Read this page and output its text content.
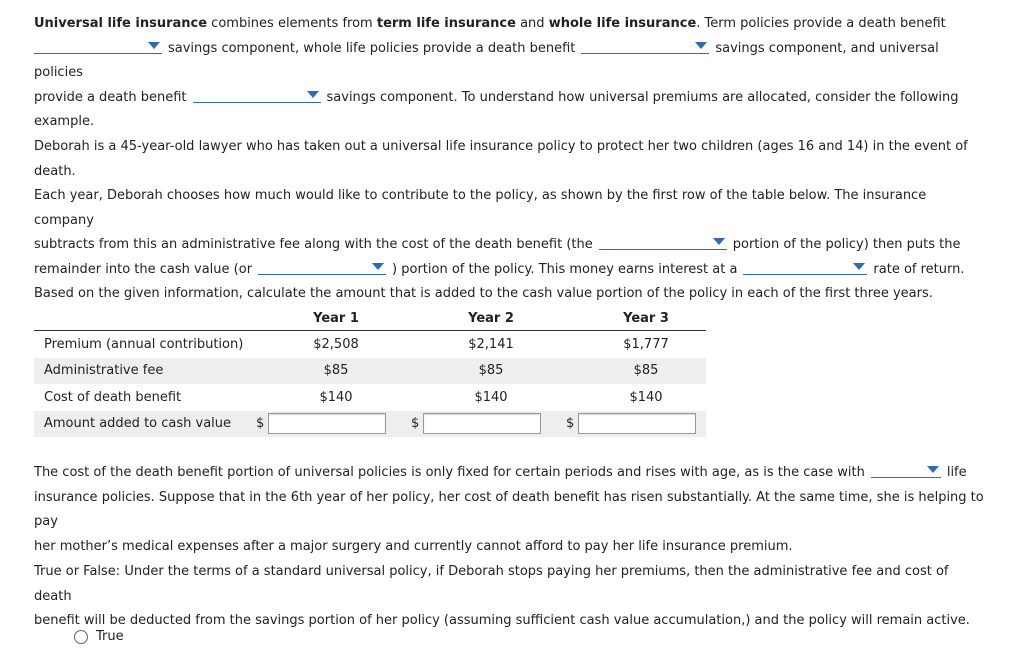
Universal life insurance combines elements from term life insurance and whole life insurance. Term policies provide a death benefit

savings component, whole life policies provide a death benefit	savings component, and universal policies
provide a death benefit	savings component. To understand how universal premiums are allocated, consider the following
example.
Deborah is a 45-year-old lawyer who has taken out a universal life insurance policy to protect her two children (ages 16 and 14) in the event of death.
Each year, Deborah chooses how much would like to contribute to the policy, as shown by the first row of the table below. The insurance company
subtracts from this an administrative fee along with the cost of the death benefit (the	portion of the policy) then puts the
remainder into the cash value (or	) portion of the policy. This money earns interest at a	rate of return.
Based on the given information, calculate the amount that is added to the cash value portion of the policy in each of the first three years.
		Year 1			Year 2			Year 3
Premium (annual contribution)		$2,508			$2,141			$1,777
Administrative fee		$85			$85			$85
Cost of death benefit		$140			$140			$140
Amount added to cash value	$			$			$	
The cost of the death benefit portion of universal policies is only fixed for certain periods and rises with age, as is the case with	life
insurance policies. Suppose that in the 6th year of her policy, her cost of death benefit has risen substantially. At the same time, she is helping to pay
her mother’s medical expenses after a major surgery and currently cannot afford to pay her life insurance premium.
True or False: Under the terms of a standard universal policy, if Deborah stops paying her premiums, then the administrative fee and cost of death
benefit will be deducted from the savings portion of her policy (assuming sufficient cash value accumulation,) and the policy will remain active.
True
